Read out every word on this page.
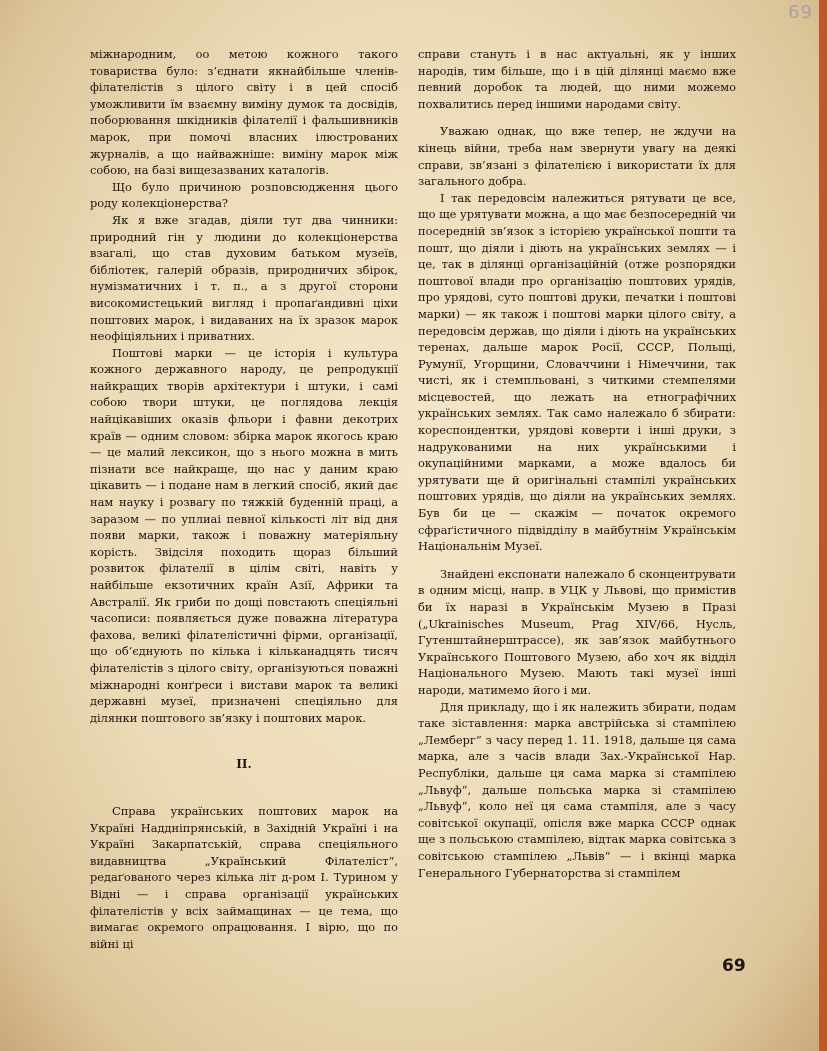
69

міжнародним, оо метою кожного такого товариства було: з’єднати якнайбільше членів-філателістів з цілого світу і в цей спосіб уможливити їм взаємну виміну думок та досвідів, поборювання шкідників філателії і фальшивників марок, при помочі власних ілюстрованих журналів, а що найважніше: виміну марок між собою, на базі вищезазваних каталогів.

Що було причиною розповсюдження цього роду колекціонерства?

Як я вже згадав, діяли тут два чинники: природний гін у людини до колекціонерства взагалі, що став духовим батьком музеїв, бібліотек, галерій образів, природничих збірок, нумізматичних і т. п., а з другої сторони високомистецький вигляд і пропаґандивні ціхи поштових марок, і видаваних на їх зразок марок неофіціяльних і приватних.

Поштові марки — це історія і культура кожного державного народу, це репродукції найкращих творів архітектури і штуки, і самі собою твори штуки, це поглядова лекція найцікавіших оказів фльори і фавни декотрих країв — одним словом: збірка марок якогось краю — це малий лексикон, що з нього можна в мить пізнати все найкраще, що нас у даним краю цікавить — і подане нам в легкий спосіб, який дає нам науку і розвагу по тяжкій буденній праці, а заразом — по уплиаі певної кількості літ від дня появи марки, також і поважну матеріяльну корість. Звідсіля походить щораз більший розвиток філателії в цілім світі, навіть у найбільше екзотичних країн Азії, Африки та Австралії. Як гриби по дощі повстають спеціяльні часописи: появляється дуже поважна література фахова, великі філателістичні фірми, організації, що об’єднують по кілька і кільканадцять тисяч філателістів з цілого світу, організуються поважні міжнародні конґреси і вистави марок та великі державні музеї, призначені спеціяльно для ділянки поштового зв’язку і поштових марок.

II.

Справа українських поштових марок на Україні Наддніпрянській, в Західній Україні і на Україні Закарпатській, справа спеціяльного видавництва „Український Філателіст“, редаґованого через кілька літ д-ром І. Турином у Відні — і справа організації українських філателістів у всіх займащинах — це тема, що вимагає окремого опрацювання. І вірю, що по війні ці

справи стануть і в нас актуальні, як у інших народів, тим більше, що і в цій ділянці маємо вже певний доробок та людей, що ними можемо похвалитись перед іншими народами світу.

Уважаю однак, що вже тепер, не ждучи на кінець війни, треба нам звернути увагу на деякі справи, зв’язані з філателією і використати їх для загального добра.

І так передовсім належиться рятувати це все, що ще урятувати можна, а що має безпосередній чи посередній зв’язок з історією української пошти та пошт, що діяли і діють на українських землях — і це, так в ділянці організаційній (отже розпорядки поштової влади про організацію поштових урядів, про урядові, суто поштові друки, печатки і поштові марки) — як також і поштові марки цілого світу, а передовсім держав, що діяли і діють на українських теренах, дальше марок Росії, СССР, Польщі, Румунії, Угорщини, Словаччини і Німеччини, так чисті, як і стемпльовані, з читкими стемпелями місцевостей, що лежать на етнографічних українських землях. Так само належало б збирати: кореспондентки, урядові коверти і інші друки, з надрукованими на них українськими і окупаційними марками, а може вдалось би урятувати ще й оригінальні стампілі українських поштових урядів, що діяли на українських землях. Був би це — скажім — початок окремого сфраґістичного підвідділу в майбутнім Українськім Національнім Музеї.

Знайдені експонати належало б сконцентрувати в одним місці, напр. в УЦК у Львові, що примістив би їх наразі в Українськім Музею в Празі („Ukrainisches Museum, Prag XIV/66, Нусль, Гутенштайнерштрассе), як зав’язок майбутнього Українського Поштового Музею, або хоч як відділ Національного Музею. Мають такі музеї інші народи, матимемо його і ми.

Для прикладу, що і як належить збирати, подам таке зіставлення: марка австрійська зі стампілею „Лемберг“ з часу перед 1. 11. 1918, дальше ця сама марка, але з часів влади Зах.-Української Нар. Республіки, дальше ця сама марка зі стампілею „Львуф“, дальше польська марка зі стампілею „Львуф“, коло неї ця сама стампіля, але з часу совітської окупації, опісля вже марка СССР однак ще з польською стампілею, відтак марка совітська з совітською стампілею „Львів“ — і вкінці марка Генерального Губернаторства зі стампілем

69
